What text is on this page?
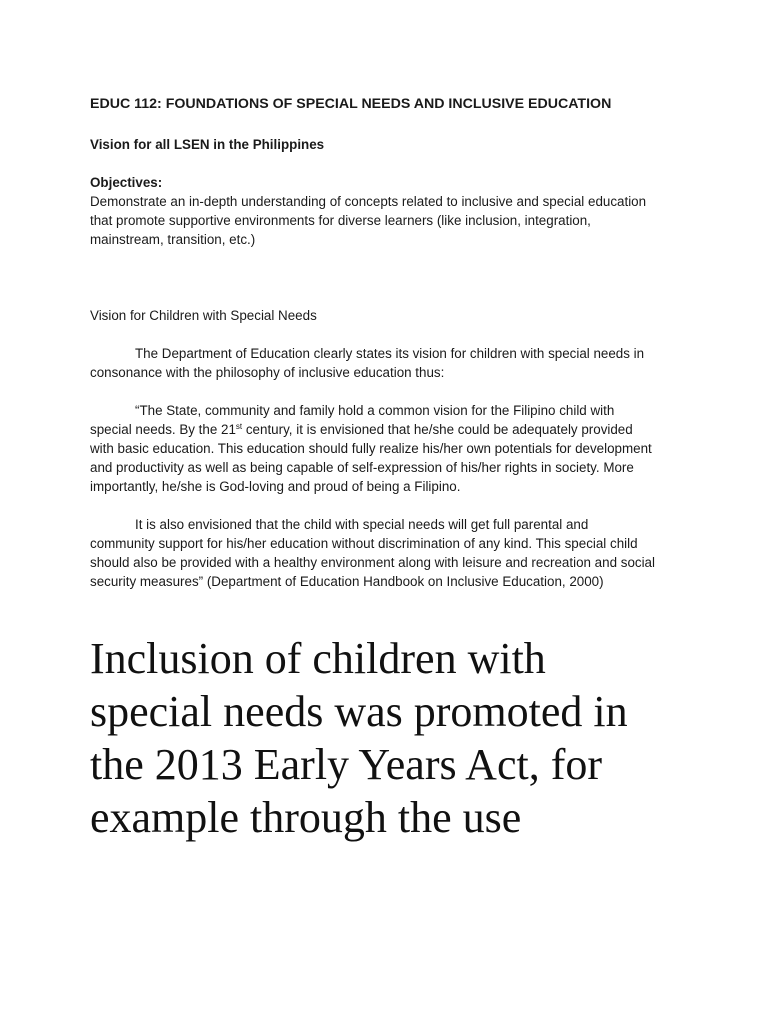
EDUC 112: FOUNDATIONS OF SPECIAL NEEDS AND INCLUSIVE EDUCATION
Vision for all LSEN in the Philippines
Objectives:
Demonstrate an in-depth understanding of concepts related to inclusive and special education
that promote supportive environments for diverse learners (like inclusion, integration,
mainstream, transition, etc.)
Vision for Children with Special Needs
The Department of Education clearly states its vision for children with special needs in
consonance with the philosophy of inclusive education thus:
“The State, community and family hold a common vision for the Filipino child with
special needs. By the 21st century, it is envisioned that he/she could be adequately provided
with basic education. This education should fully realize his/her own potentials for development
and productivity as well as being capable of self-expression of his/her rights in society. More
importantly, he/she is God-loving and proud of being a Filipino.
It is also envisioned that the child with special needs will get full parental and
community support for his/her education without discrimination of any kind. This special child
should also be provided with a healthy environment along with leisure and recreation and social
security measures” (Department of Education Handbook on Inclusive Education, 2000)
Inclusion of children with
special needs was promoted in
the 2013 Early Years Act, for
example through the use
